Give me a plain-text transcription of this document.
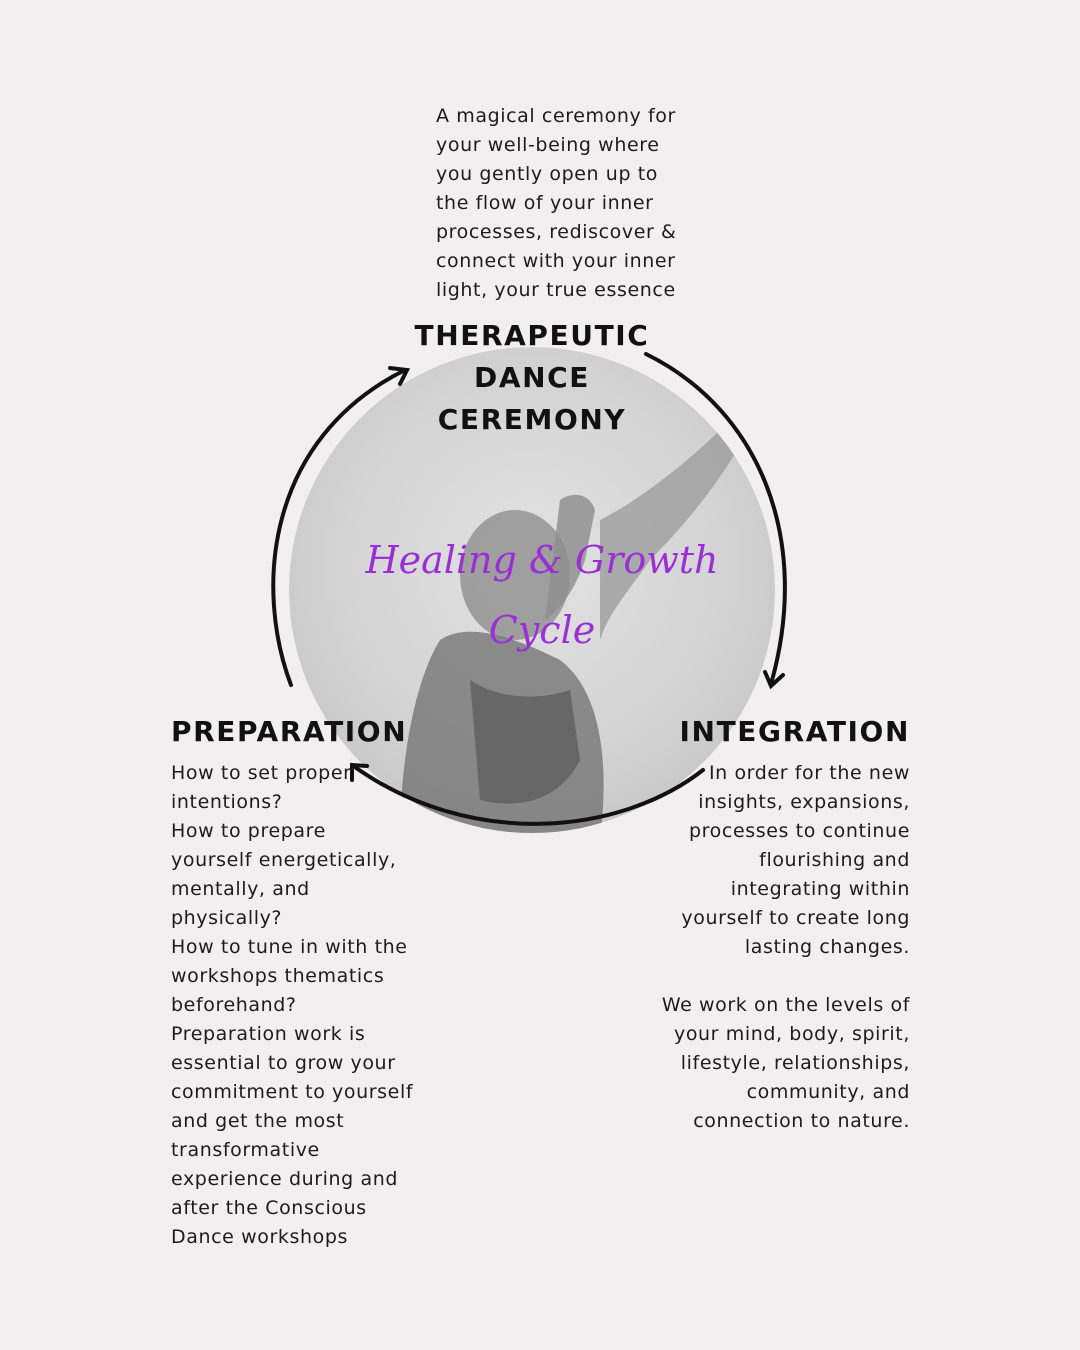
Healing & Growth
Cycle

A magical ceremony for
your well-being where
you gently open up to
the flow of your inner
processes, rediscover &
connect with your inner
light, your true essence

THERAPEUTIC
DANCE
CEREMONY
PREPARATION

How to set proper
intentions?
How to prepare
yourself energetically,
mentally, and
physically?
How to tune in with the
workshops thematics
beforehand?
Preparation work is
essential to grow your
commitment to yourself
and get the most
transformative
experience during and
after the Conscious
Dance workshops

INTEGRATION

In order for the new
insights, expansions,
processes to continue
flourishing and
integrating within
yourself to create long
lasting changes.
We work on the levels of
your mind, body, spirit,
lifestyle, relationships,
community, and
connection to nature.
